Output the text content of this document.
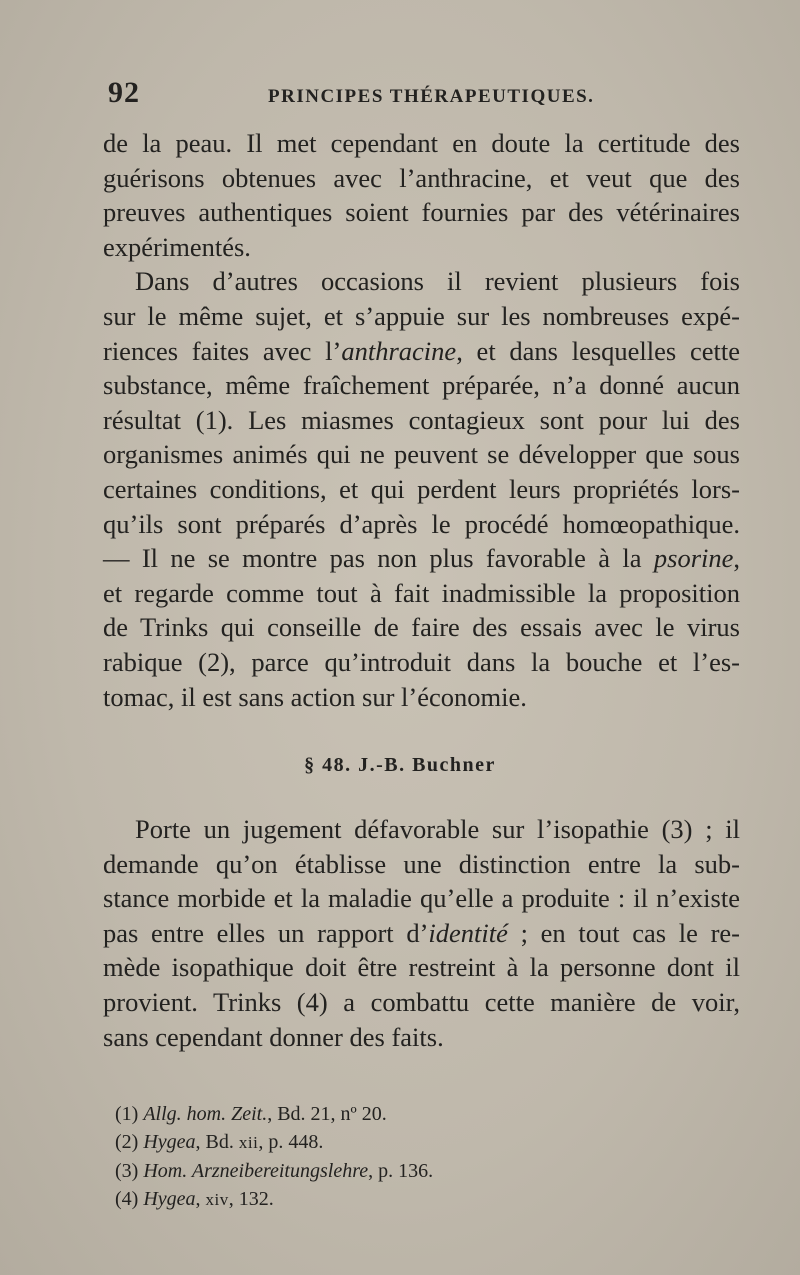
92	PRINCIPES THÉRAPEUTIQUES.

de la peau. Il met cependant en doute la certitude des
guérisons obtenues avec l’anthracine, et veut que des
preuves authentiques soient fournies par des vétérinaires
expérimentés.
Dans d’autres occasions il revient plusieurs fois
sur le même sujet, et s’appuie sur les nombreuses expé-
riences faites avec l’anthracine, et dans lesquelles cette
substance, même fraîchement préparée, n’a donné aucun
résultat (1). Les miasmes contagieux sont pour lui des
organismes animés qui ne peuvent se développer que sous
certaines conditions, et qui perdent leurs propriétés lors-
qu’ils sont préparés d’après le procédé homœopathique.
— Il ne se montre pas non plus favorable à la psorine,
et regarde comme tout à fait inadmissible la proposition
de Trinks qui conseille de faire des essais avec le virus
rabique (2), parce qu’introduit dans la bouche et l’es-
tomac, il est sans action sur l’économie.

§ 48. J.-B. Buchner

Porte un jugement défavorable sur l’isopathie (3) ; il
demande qu’on établisse une distinction entre la sub-
stance morbide et la maladie qu’elle a produite : il n’existe
pas entre elles un rapport d’identité ; en tout cas le re-
mède isopathique doit être restreint à la personne dont il
provient. Trinks (4) a combattu cette manière de voir,
sans cependant donner des faits.

(1) Allg. hom. Zeit., Bd. 21, nº 20.
(2) Hygea, Bd. xii, p. 448.
(3) Hom. Arzneibereitungslehre, p. 136.
(4) Hygea, xiv, 132.
